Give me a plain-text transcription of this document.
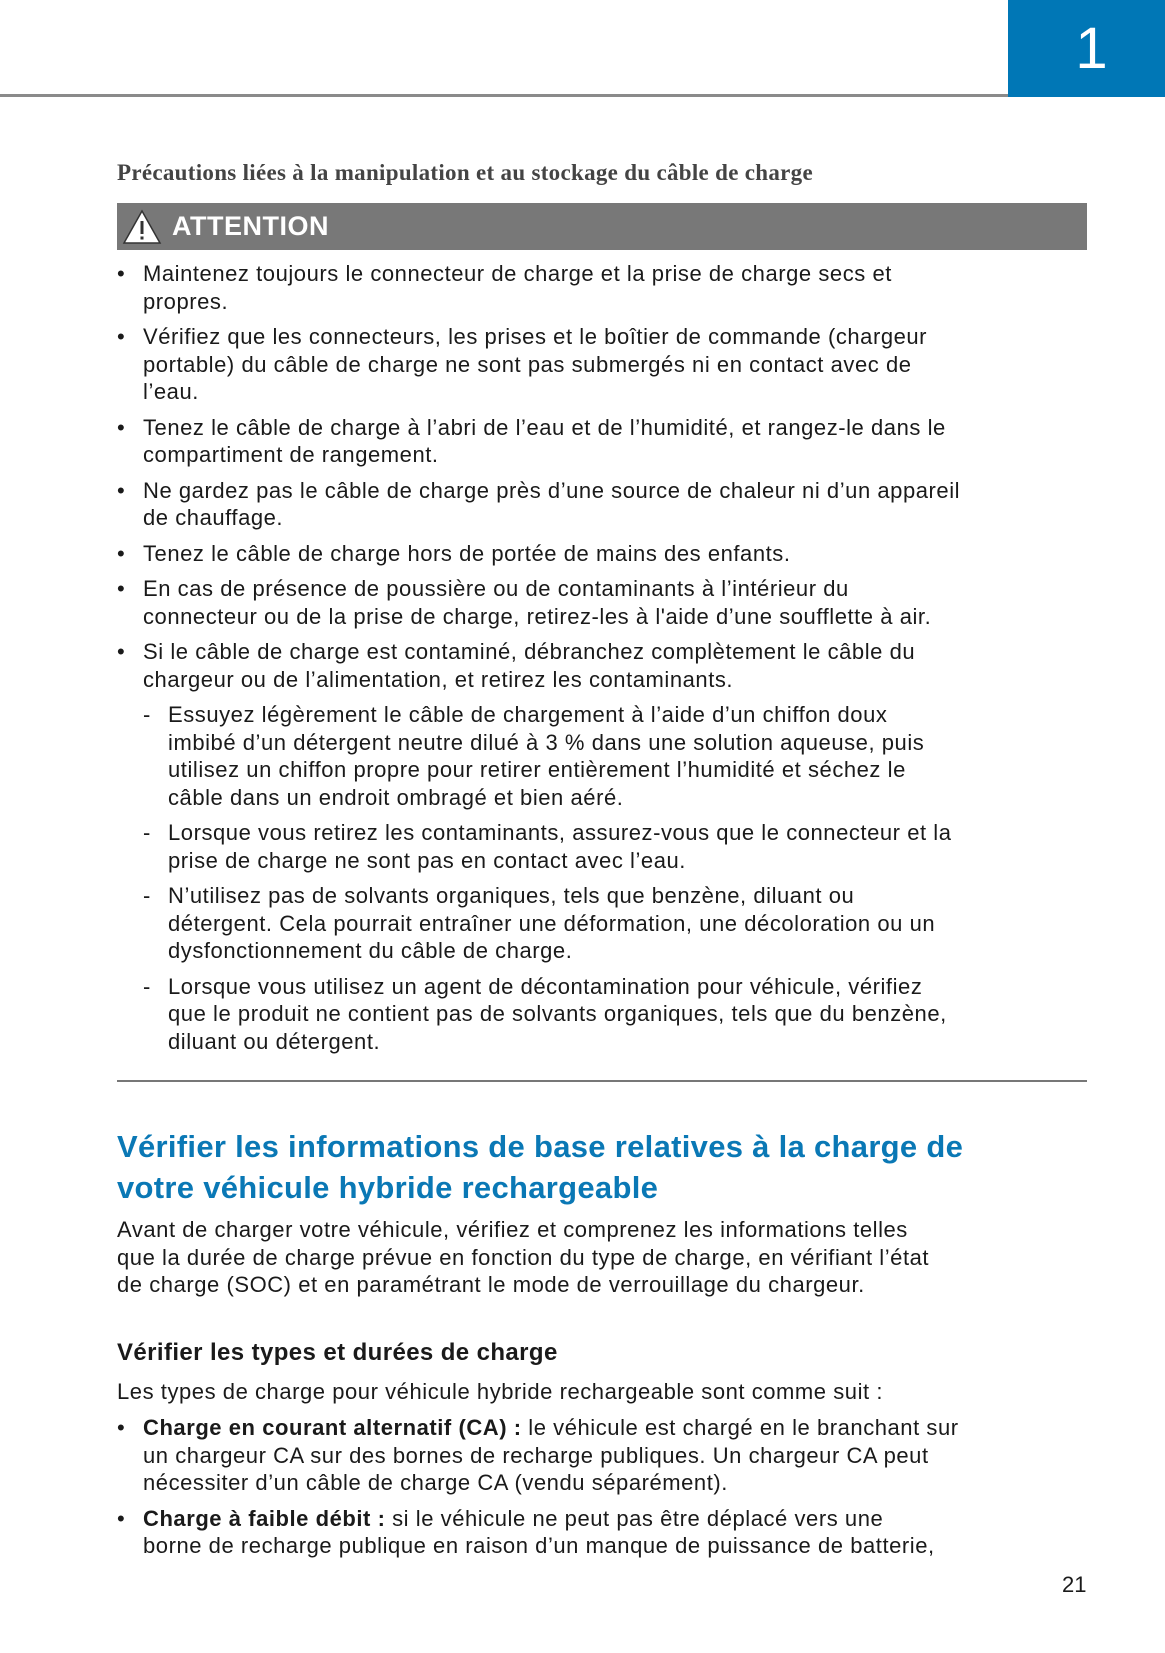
1
Précautions liées à la manipulation et au stockage du câble de charge
ATTENTION
• Maintenez toujours le connecteur de charge et la prise de charge secs et
propres.
• Vérifiez que les connecteurs, les prises et le boîtier de commande (chargeur
portable) du câble de charge ne sont pas submergés ni en contact avec de
l’eau.
• Tenez le câble de charge à l’abri de l’eau et de l’humidité, et rangez-le dans le
compartiment de rangement.
• Ne gardez pas le câble de charge près d’une source de chaleur ni d’un appareil
de chauffage.
• Tenez le câble de charge hors de portée de mains des enfants.
• En cas de présence de poussière ou de contaminants à l’intérieur du
connecteur ou de la prise de charge, retirez-les à l'aide d’une soufflette à air.
• Si le câble de charge est contaminé, débranchez complètement le câble du
chargeur ou de l’alimentation, et retirez les contaminants.
- Essuyez légèrement le câble de chargement à l’aide d’un chiffon doux
imbibé d’un détergent neutre dilué à 3 % dans une solution aqueuse, puis
utilisez un chiffon propre pour retirer entièrement l’humidité et séchez le
câble dans un endroit ombragé et bien aéré.
- Lorsque vous retirez les contaminants, assurez-vous que le connecteur et la
prise de charge ne sont pas en contact avec l’eau.
- N’utilisez pas de solvants organiques, tels que benzène, diluant ou
détergent. Cela pourrait entraîner une déformation, une décoloration ou un
dysfonctionnement du câble de charge.
- Lorsque vous utilisez un agent de décontamination pour véhicule, vérifiez
que le produit ne contient pas de solvants organiques, tels que du benzène,
diluant ou détergent.
Vérifier les informations de base relatives à la charge de
votre véhicule hybride rechargeable
Avant de charger votre véhicule, vérifiez et comprenez les informations telles
que la durée de charge prévue en fonction du type de charge, en vérifiant l’état
de charge (SOC) et en paramétrant le mode de verrouillage du chargeur.
Vérifier les types et durées de charge
Les types de charge pour véhicule hybride rechargeable sont comme suit :
• Charge en courant alternatif (CA) : le véhicule est chargé en le branchant sur
un chargeur CA sur des bornes de recharge publiques. Un chargeur CA peut
nécessiter d’un câble de charge CA (vendu séparément).
• Charge à faible débit : si le véhicule ne peut pas être déplacé vers une
borne de recharge publique en raison d’un manque de puissance de batterie,
21
